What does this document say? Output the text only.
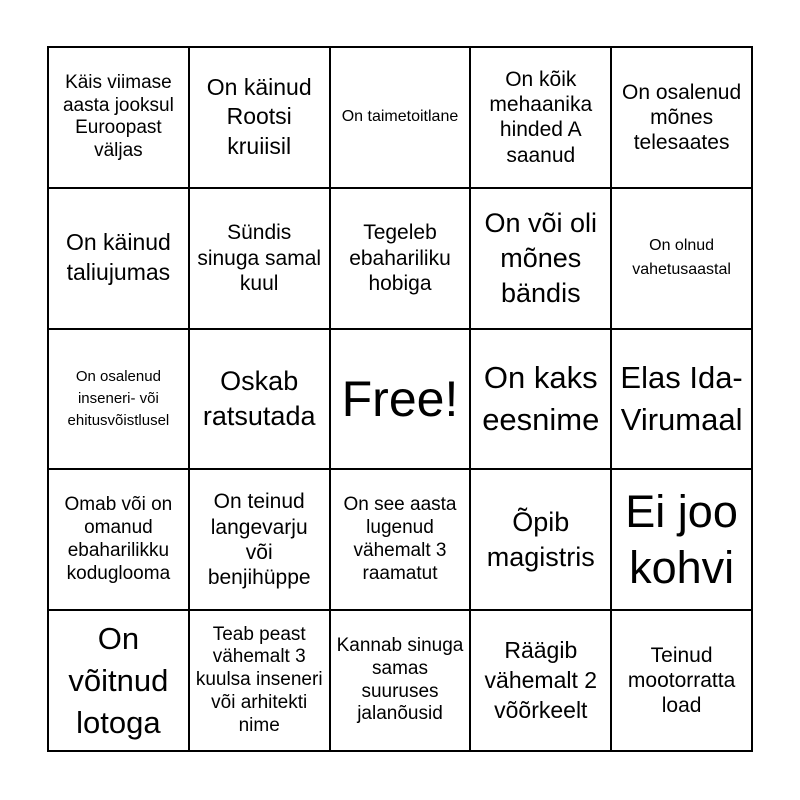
Käis viimase aasta jooksul Euroopast väljas
On käinud Rootsi kruiisil
On taimetoitlane
On kõik mehaanika hinded A saanud
On osalenud mõnes telesaates
On käinud taliujumas
Sündis sinuga samal kuul
Tegeleb ebahariliku hobiga
On või oli mõnes bändis
On olnud vahetusaastal
On osalenud inseneri- või ehitusvõistlusel
Oskab ratsutada Free! On kaks eesnime
Elas Ida-Virumaal
Omab või on omanud ebaharilikku koduglooma
On teinud langevarju või benjihüppe
On see aasta lugenud vähemalt 3 raamatut
Õpib magistris
Ei joo kohvi
On võitnud lotoga
Teab peast vähemalt 3 kuulsa inseneri või arhitekti nime
Kannab sinuga samas suuruses jalanõusid
Räägib vähemalt 2 võõrkeelt
Teinud mootorratta load
